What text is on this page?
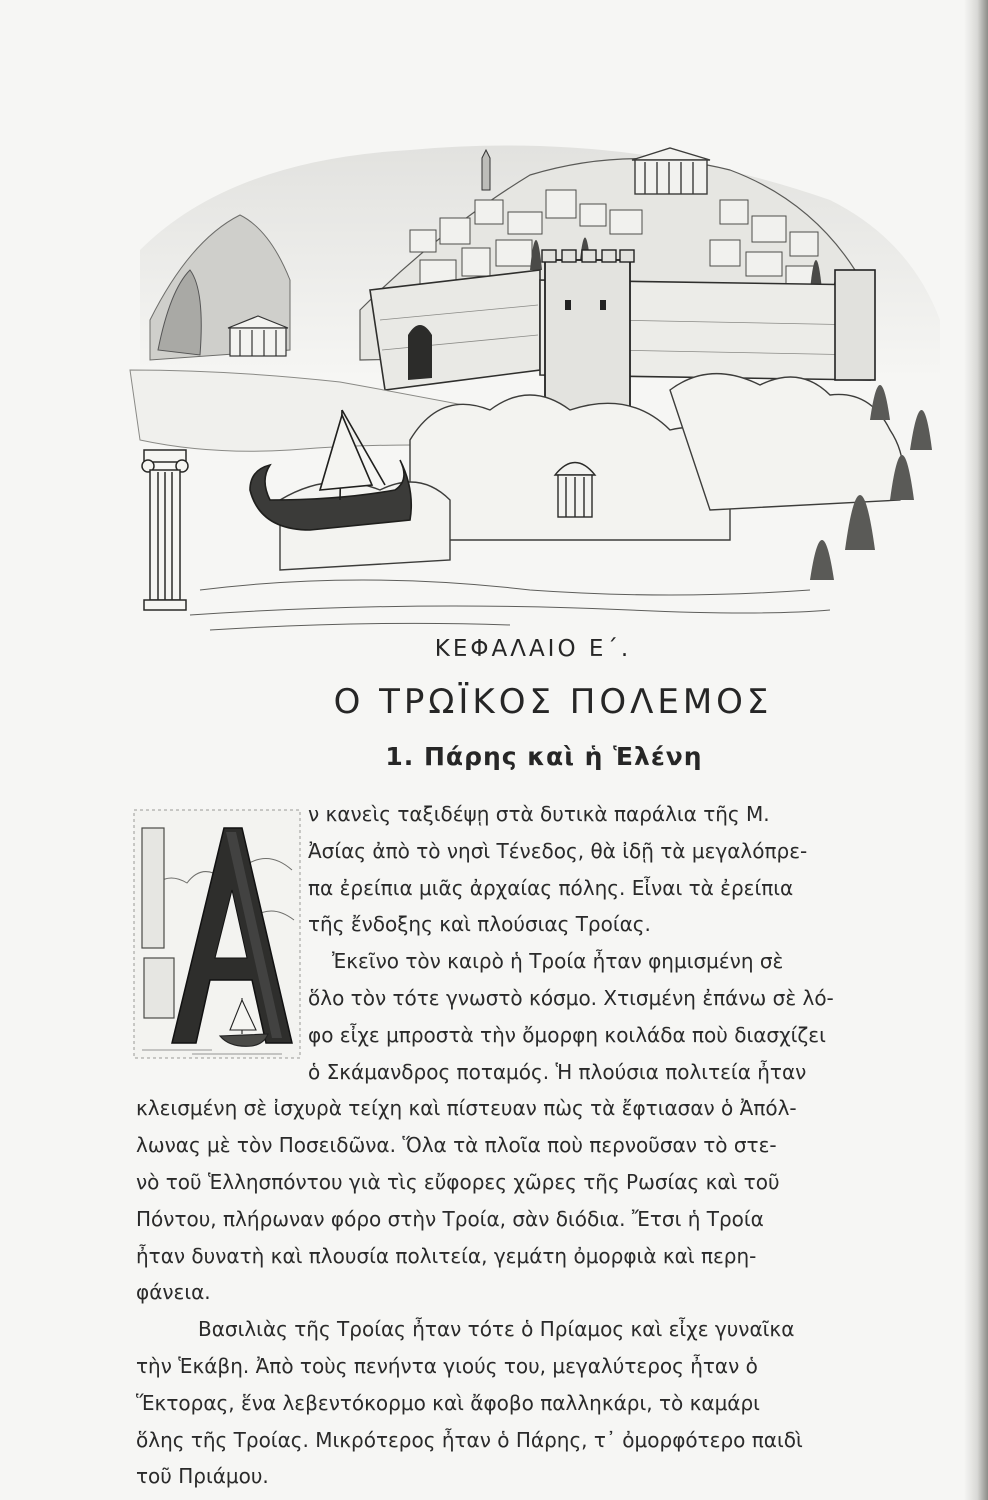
ΚΕΦΑΛΑΙΟ Ε΄.
Ο ΤΡΩΪΚΟΣ ΠΟΛΕΜΟΣ
1. Πάρης καὶ ἡ Ἑλένη
ν κανεὶς ταξιδέψῃ στὰ δυτικὰ παράλια τῆς Μ.
Ἀσίας ἀπὸ τὸ νησὶ Τένεδος, θὰ ἰδῇ τὰ μεγαλόπρε-
πα ἐρείπια μιᾶς ἀρχαίας πόλης. Εἶναι τὰ ἐρείπια
τῆς ἔνδοξης καὶ πλούσιας Τροίας.
Ἐκεῖνο τὸν καιρὸ ἡ Τροία ἦταν φημισμένη σὲ
ὅλο τὸν τότε γνωστὸ κόσμο. Χτισμένη ἐπάνω σὲ λό-
φο εἶχε μπροστὰ τὴν ὄμορφη κοιλάδα ποὺ διασχίζει
ὁ Σκάμανδρος ποταμός. Ἡ πλούσια πολιτεία ἦταν
κλεισμένη σὲ ἰσχυρὰ τείχη καὶ πίστευαν πὼς τὰ ἔφτιασαν ὁ Ἀπόλ-
λωνας μὲ τὸν Ποσειδῶνα. Ὅλα τὰ πλοῖα ποὺ περνοῦσαν τὸ στε-
νὸ τοῦ Ἑλλησπόντου γιὰ τὶς εὔφορες χῶρες τῆς Ρωσίας καὶ τοῦ
Πόντου, πλήρωναν φόρο στὴν Τροία, σὰν διόδια. Ἔτσι ἡ Τροία
ἦταν δυνατὴ καὶ πλουσία πολιτεία, γεμάτη ὀμορφιὰ καὶ περη-
φάνεια.
Βασιλιὰς τῆς Τροίας ἦταν τότε ὁ Πρίαμος καὶ εἶχε γυναῖκα
τὴν Ἑκάβη. Ἀπὸ τοὺς πενήντα γιούς του, μεγαλύτερος ἦταν ὁ
Ἕκτορας, ἕνα λεβεντόκορμο καὶ ἄφοβο παλληκάρι, τὸ καμάρι
ὅλης τῆς Τροίας. Μικρότερος ἦταν ὁ Πάρης, τ᾽ ὀμορφότερο παιδὶ
τοῦ Πριάμου.
